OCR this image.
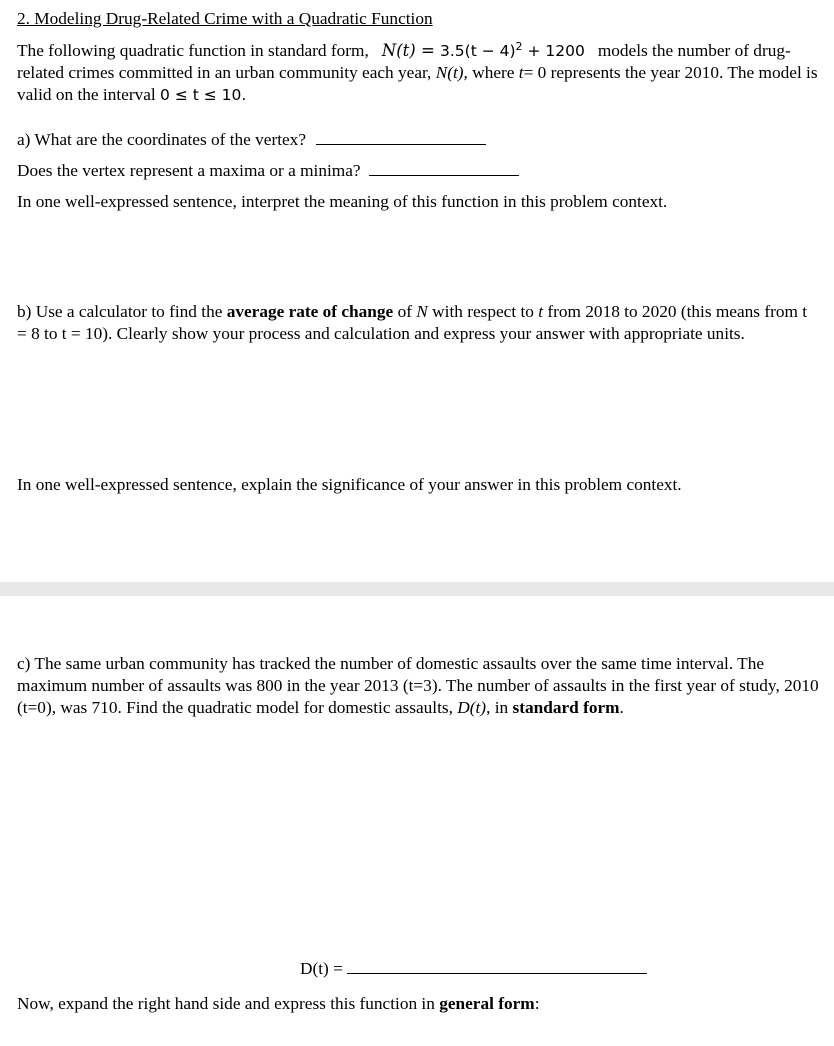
2. Modeling Drug-Related Crime with a Quadratic Function
The following quadratic function in standard form, $N(t) = 3.5(t - 4)^2 + 1200$ models the number of drug-related crimes committed in an urban community each year, N(t), where t= 0 represents the year 2010. The model is valid on the interval 0 ≤ t ≤ 10.
a) What are the coordinates of the vertex?
Does the vertex represent a maxima or a minima?
In one well-expressed sentence, interpret the meaning of this function in this problem context.
b) Use a calculator to find the average rate of change of N with respect to t from 2018 to 2020 (this means from t = 8 to t = 10). Clearly show your process and calculation and express your answer with appropriate units.
In one well-expressed sentence, explain the significance of your answer in this problem context.
c) The same urban community has tracked the number of domestic assaults over the same time interval. The maximum number of assaults was 800 in the year 2013 (t=3). The number of assaults in the first year of study, 2010 (t=0), was 710. Find the quadratic model for domestic assaults, D(t), in standard form.
D(t) =
Now, expand the right hand side and express this function in general form:
